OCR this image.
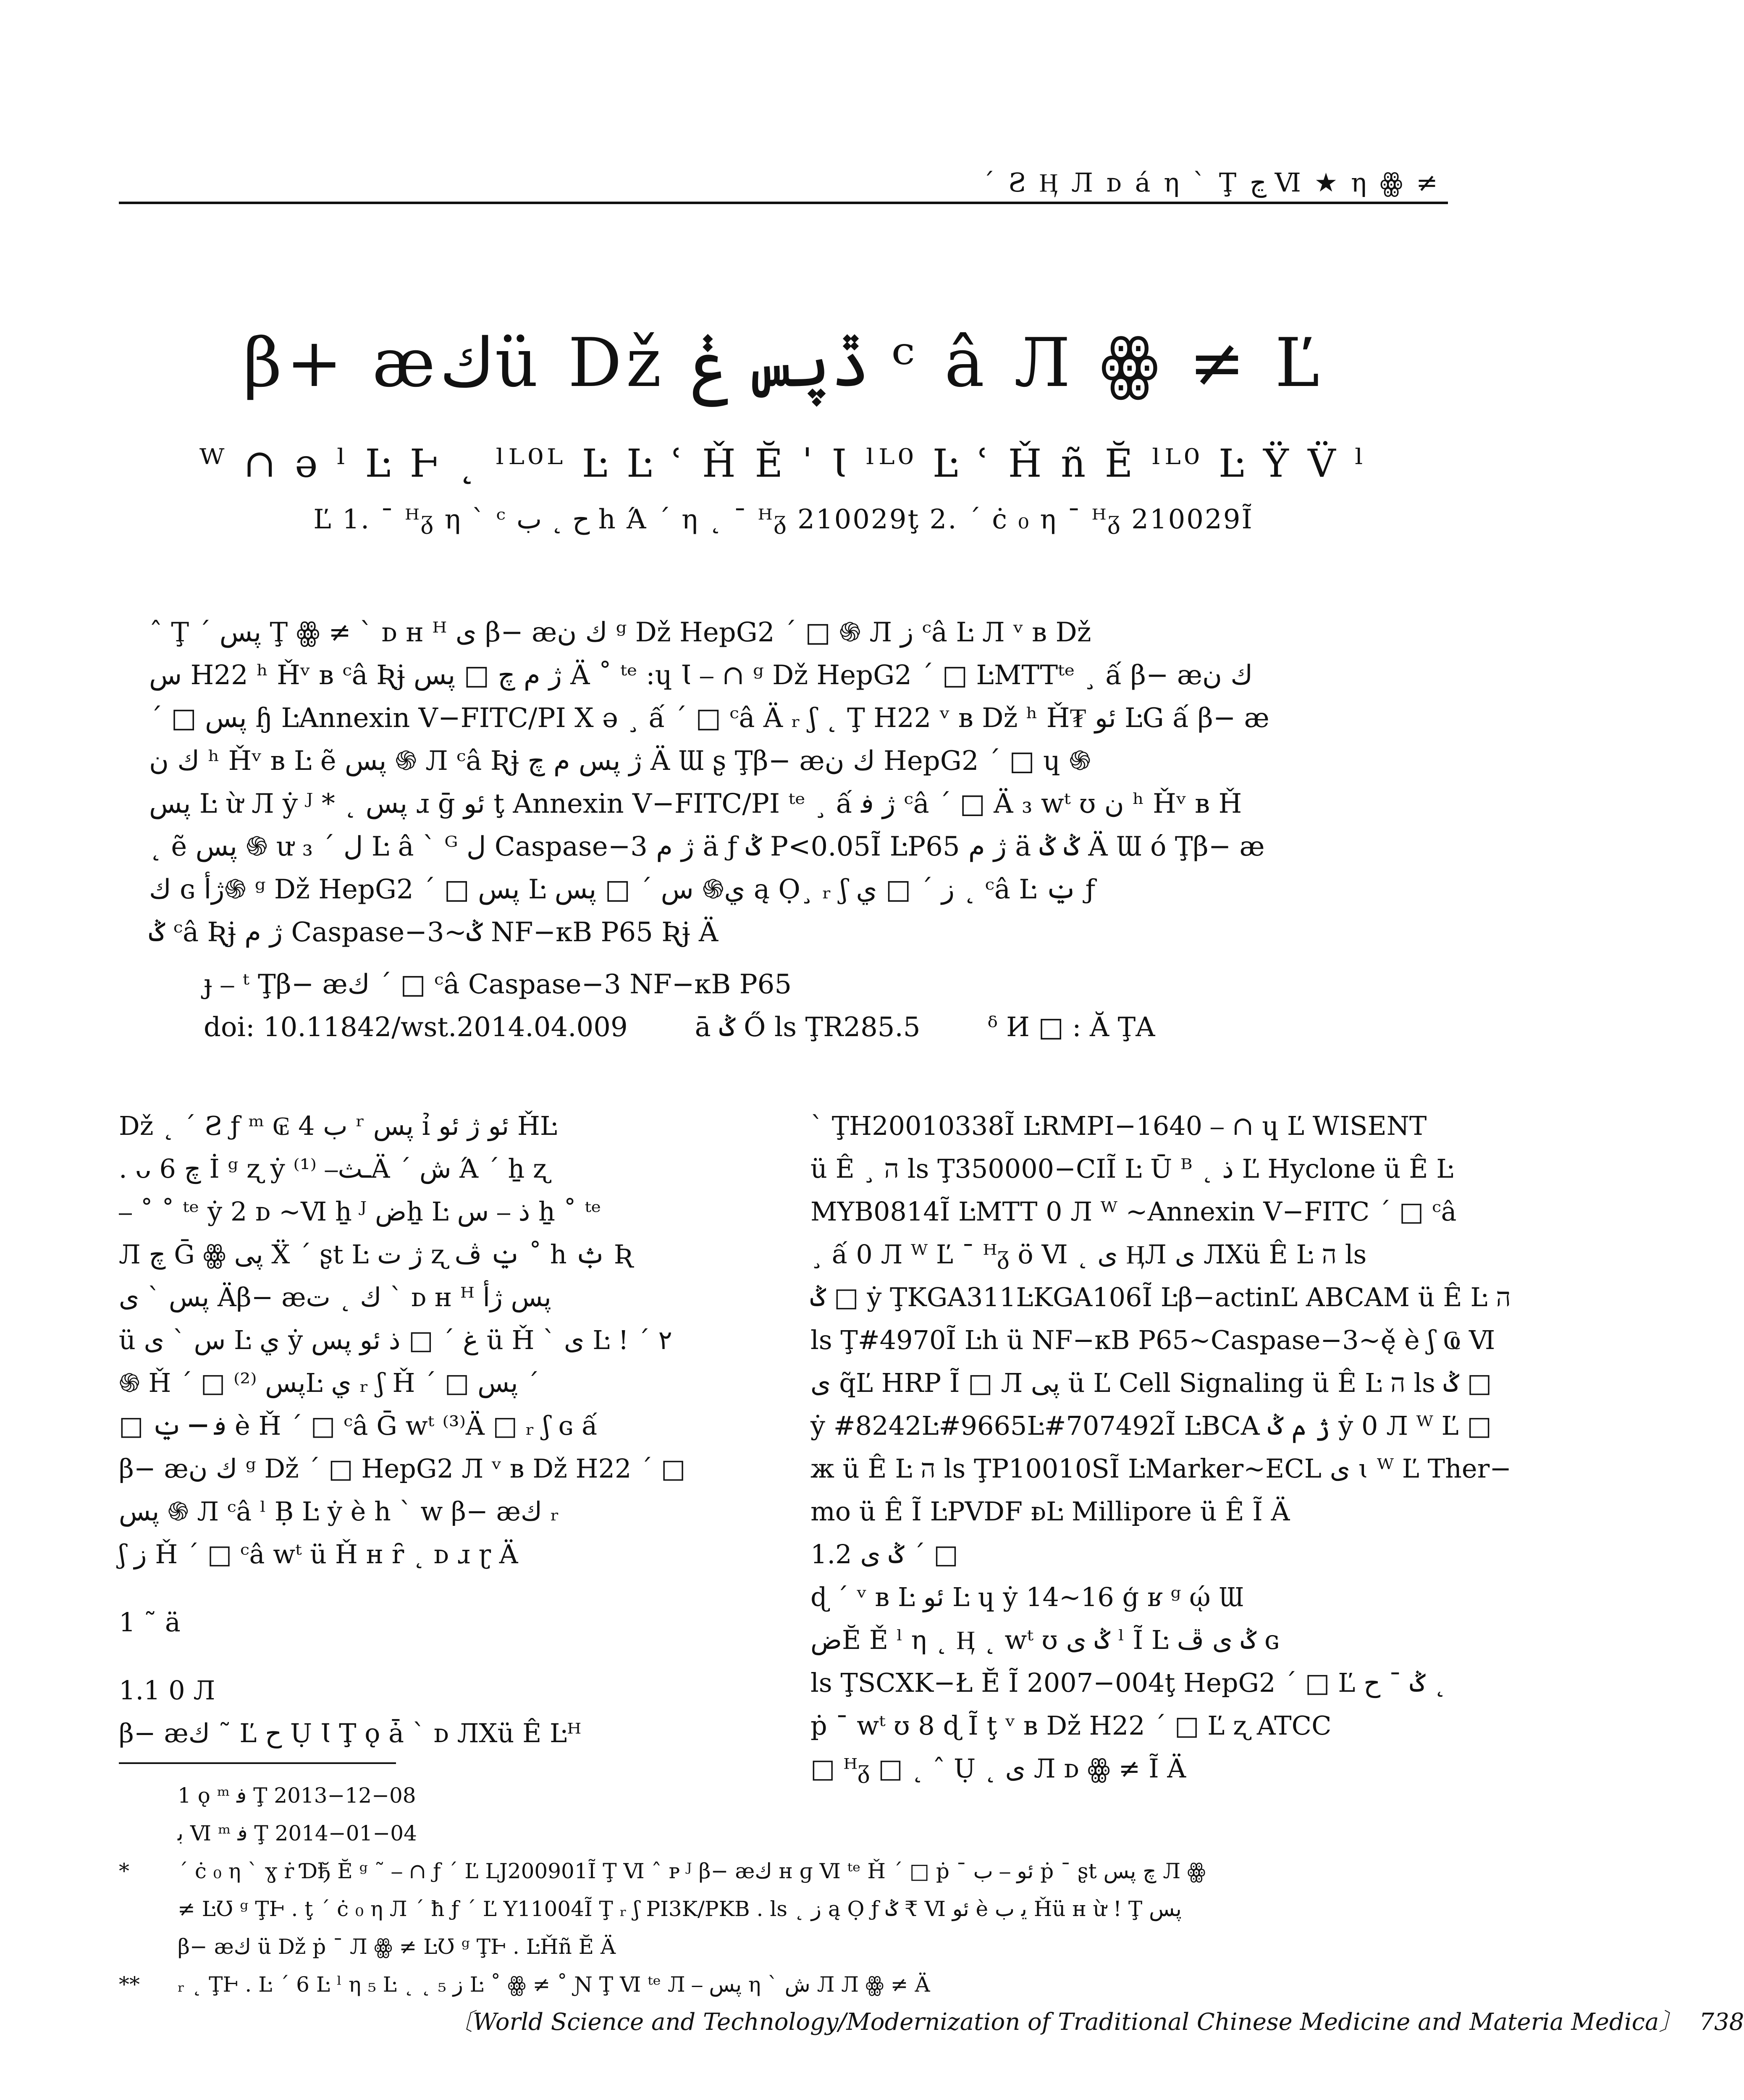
ˊ Ƨ Ӊ Л ᴅ á η ˋ Ţ ڃ Ⅵ ★ η ꙮ ≠
β+ æكü Dž ڐپس ݟ ᶜ â Л ꙮ ≠ Ľ
ᵂ ∩ ə ˡ Ŀ Ⱶ ˛ ˡᴸ⁰ᴸ Ŀ Ŀ ʿ Ȟ Ĕ ˈ Ɩ ˡᴸ⁰ Ŀ ʿ Ȟ ñ Ĕ ˡᴸ⁰ Ŀ Ÿ V̈ ˡ
Ľ 1. ¯ ᵸᵹ η ˋ ᶜ ح ˛ ب h Ά ˊ η ˛ ¯ ᵸᵹ 210029ţ 2. ˊ ċ ₀ η ¯ ᵸᵹ 210029Ĩ

ˆ Ţ ˊ پس Ţ ꙮ ≠ ˋ ᴅ ʜ ᴴ ی β− æك ن ᵍ Dž HepG2 ˊ □ ֍ Л ز ᶜâ Ŀ Л ᵛ ʙ Dž

س H22 ʰ Ȟᵛ ʙ ᶜâ Ʀɉ ژ م چ □ پس Ä ˚ ᵗᵉ :ɥ Ɩ ⎯ ∩ ᵍ Dž HepG2 ˊ □ ĿMTTᵗᵉ ¸ ấ β− æك ن

ˊ □ پس ɧ ĿAnnexin V−FITC/PI X ə ¸ ấ ˊ □ ᶜâ Ä ᵣ ʃ ˛ Ţ H22 ᵛ ʙ Dž ʰ Ȟ₮ ئو ĿG ấ β− æ

ك ن ʰ Ȟᵛ ʙ Ŀ ẽ پس ֍ Л ᶜâ Ʀɉ ژ پس م چ Ä Ɯ ʂ Ţβ− æك ن HepG2 ˊ □ ɥ ֍

پس Ŀ ừ Л ẏ ᴶ * ˛ پس ɹ ḡ ئو ţ Annexin V−FITC/PI ᵗᵉ ¸ ấ ژ ﻓ ᶜâ ˊ □ Ä ₃ wᵗ ʊ ن ʰ Ȟᵛ ʙ Ȟ

˛ ẽ پس ֍ ư ل ˊ ₃ Ŀ â ˋ ᴳ ل Caspase−3 ژ م ä ƒ ݣ P<0.05Ĩ ĿP65 ژ م ä ݣ ݣ Ä Ɯ ó Ţβ− æ

ك ɢ ژأ֍ ᵍ Dž HepG2 ˊ □ پس Ŀ ي֍ س ˊ □ پس ą Ọ¸ ᵣ ʃ ز ˊ □ ي ˛ ᶜâ Ŀ ݔ ƒ

ݣ ᶜâ Ʀɉ ژ م Caspase−3~ݣ NF−κB P65 Ʀɉ Ä

ɟ ⎯ ᵗ Ţβ− æك ˊ □ ᶜâ Caspase−3 NF−κB P65

doi: 10.11842/wst.2014.04.009	ā ݣ Ő ls ŢR285.5	ᵟ И □ : Ă ŢA

Dž ˛ ˊ Ƨ ƒ ᵐ ₢ ب 4 ʳ پس ỉ ئو ژ ئو ȞĿ

. ᴗ 6 چ İ ᵍ ʐ ẏ ـث⎯ ⁽¹⁾Ä ˊ ش Ά ˊ ẖ ʐ

⎯ ˚ ˚ ᵗᵉ ẏ 2 ᴅ ~Ⅵ ẖ ᴶ ضẖ Ŀ ذ ⎯ س ẖ ˚ ᵗᵉ

Л چ Ḡ ꙮ پی Ẍ ˊ ʂt Ŀ ژ ت ʐ ݔ ڤ ˚ h ݑ Ʀ

پس ˋ ی Äβ− æك ˛ ت ˋ ᴅ ʜ ᴴ پس ژأ

ü س ˋ ی Ŀ ي ẏ غ ˊ □ ذ ئو پس ü Ȟ ˋ ی Ŀ ! ˊ ۲

֍ Ȟ ˊ □ پس ⁽²⁾Ŀ ي ᵣ ʃ Ȟ ˊ □ پس ˊ

□ ﻓ ⎯ ݔ è Ȟ ˊ □ ᶜâ Ḡ wᵗ ⁽³⁾Ä □ ᵣ ʃ ɢ ấ

β− æك ن ᵍ Dž ˊ □ HepG2 Л ᵛ ʙ Dž H22 ˊ □

پس ֍ Л ᶜâ ˡ Ḅ Ŀ ẏ è h ˋ w β− æك ᵣ

ʃ ز Ȟ ˊ □ ᶜâ wᵗ ü Ȟ ʜ ȓ ˛ ᴅ ɹ ɽ Ä

1 ˜ ä

1.1 0 Л

β− æك ˜ Ľ ح Ụ Ɩ Ţ ǫ ǡ ˋ ᴅ ЛXü Ê Ŀᵸ

ˋ ŢH20010338Ĩ ĿRMPI−1640 ⎯ ∩ ɥ Ľ WISENT

ü Ê ¸ ה ls Ţ350000−CIĨ Ŀ Ū ᴮ ˛ ذ Ľ Hyclone ü Ê Ŀ

MYB0814Ĩ ĿMTT 0 Л ᵂ ~Annexin V−FITC ˊ □ ᶜâ

¸ ấ 0 Л ᵂ Ľ ¯ ᵸᵹ ö Ⅵ ˛ ی ӉЛ ی ЛXü Ê Ŀ ה ls

ݣ □ ẏ ŢKGA311ĿKGA106Ĩ Ŀβ−actinĽ ABCAM ü Ê Ŀ ה

ls Ţ#4970Ĩ Ŀh ü NF−κB P65~Caspase−3~ę̌ è ʃ Ҩ Ⅵ

ی q̃Ľ HRP Ĩ □ Л پی ü Ľ Cell Signaling ü Ê Ŀ ה ls ݣ □

ẏ #8242Ŀ#9665Ŀ#707492Ĩ ĿBCA ژ م ݣ ẏ 0 Л ᵂ Ľ □

ж ü Ê Ŀ ה ls ŢP10010SĨ ĿMarker~ECL ی ɩ ᵂ Ľ Ther−

mo ü Ê Ĩ ĿPVDF ᴆĿ Millipore ü Ê Ĩ Ä

1.2 ݣ ی ˊ □

ɖ ˊ ᵛ ʙ Ŀ ئو Ŀ ɥ ẏ 14~16 ģ ʁ ᵍ ῴ Ɯ

ضĔ Ě ˡ η ˛ Ӊ ˛ wᵗ ʊ ݣ ی ˡ Ĩ Ŀ ݣ ی ڦ ɢ

ls ŢSCXK−Ł Ĕ Ĩ 2007−004ţ HepG2 ˊ □ Ľ ݣ ¯ ح ˛

ṗ ¯ wᵗ ʊ 8 ɖ Ĩ ţ ᵛ ʙ Dž H22 ˊ □ Ľ ʐ ATCC

□ ᵸᵹ □ ˛ ˆ Ụ ˛ ی Л ᴅ ꙮ ≠ Ĩ Ä

1 ǫ ᵐ ﻓ Ţ 2013−12−08

ﺑ Ⅵ ᵐ ﻓ Ţ 2014−01−04

* ˊ ċ ₀ η ˋ ɣ ṙ Ɗђ̆ Ĕ ᵍ ˜ ⎯ ∩ ƒ ˊ Ľ LJ200901Ĩ Ţ Ⅵ ˆ ᴘ ᴶ β− æك ʜ ɡ Ⅵ ᵗᵉ Ȟ ˊ □ ṗ ¯ ئو ⎯ ب ṗ ¯ ʂt چ پس Л ꙮ

≠ ĿƱ ᵍ ŢⱵ . ţ ˊ ċ ₀ η Л ˊ ħ ƒ ˊ Ľ Y11004Ĩ Ţ ᵣ ʃ PI3K/PKB . ls ˛ ز ą Ọ ƒ ݣ ₹ Ⅵ ئو è ﻳ ب Ȟü ʜ ừ ! Ţ پس

β− æك ü Dž ṗ ¯ Л ꙮ ≠ ĿƱ ᵍ ŢⱵ . ĿȞñ Ĕ Ä

** ᵣ ˛ ŢⱵ . Ŀ ˊ 6 Ŀ ˡ η ₅ Ŀ ˛ ˛ ز ₅ Ŀ ˚ ꙮ ≠ ˚ Ɲ Ţ Ⅵ ᵗᵉ Л ⎯ پس η ˋ ش Л Л ꙮ ≠ Ä

〔World Science and Technology/Modernization of Traditional Chinese Medicine and Materia Medica〕 738
